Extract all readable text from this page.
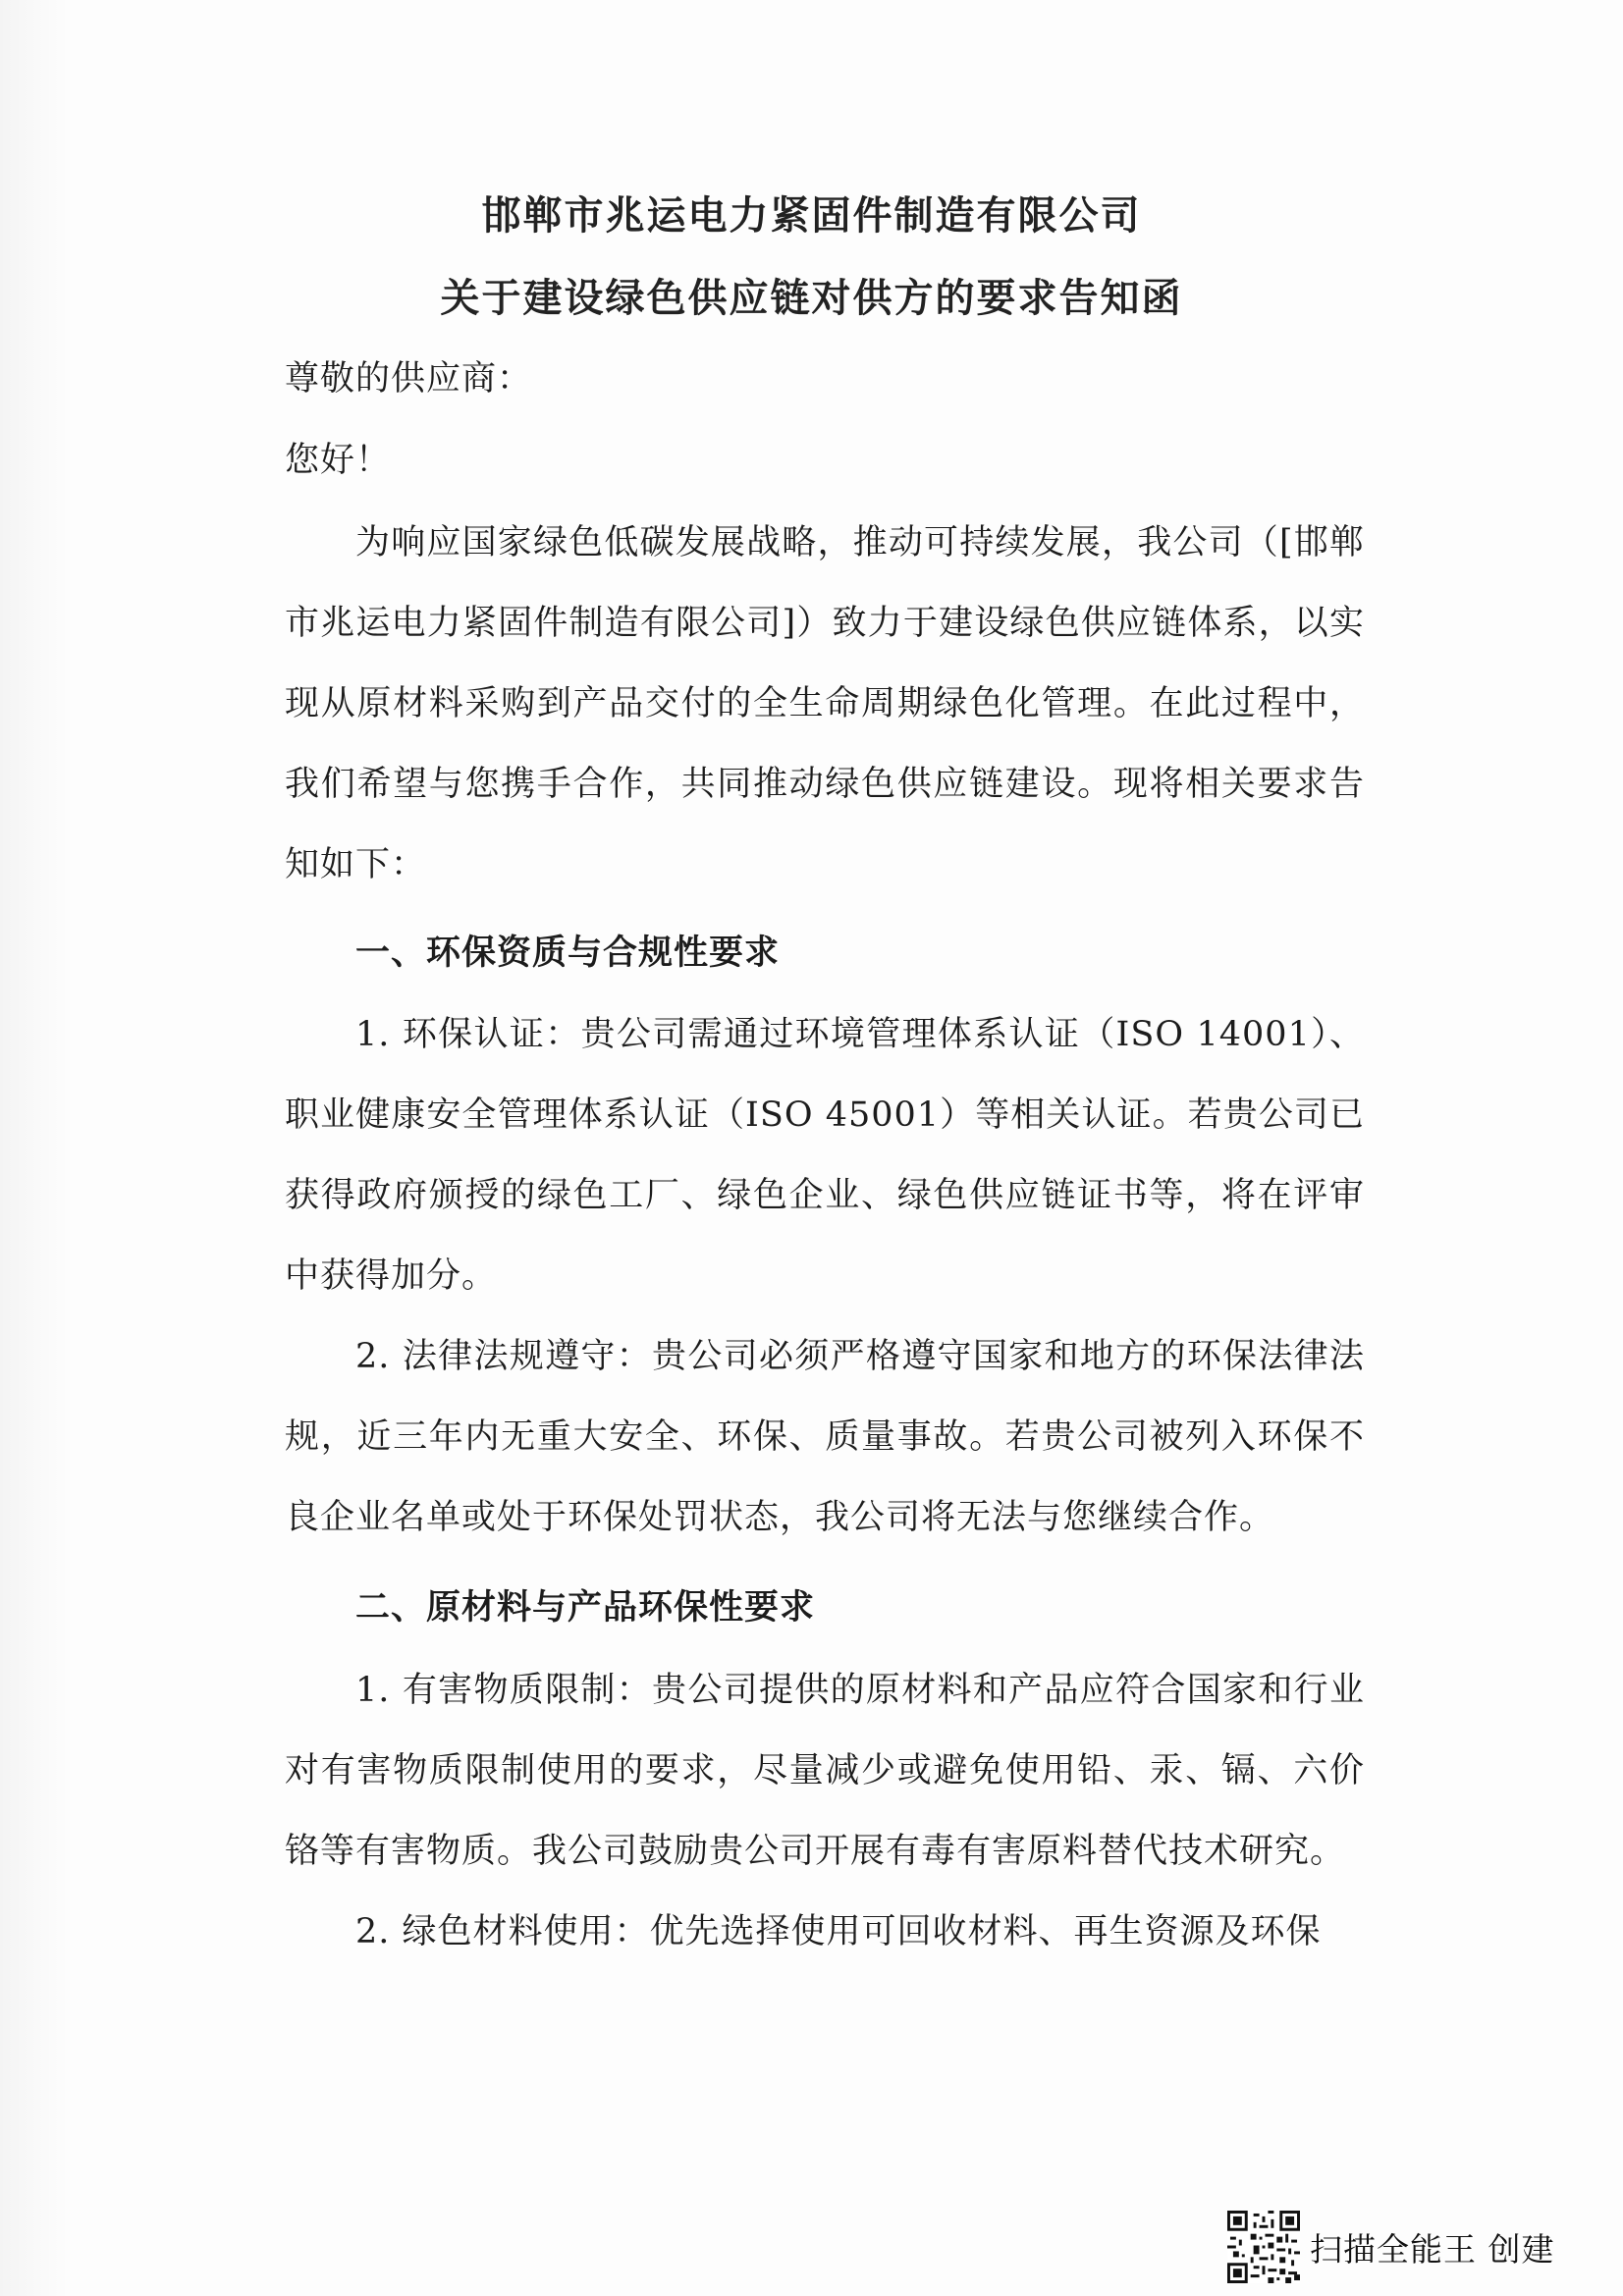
邯郸市兆运电力紧固件制造有限公司
关于建设绿色供应链对供方的要求告知函
尊敬的供应商：
您好！
为响应国家绿色低碳发展战略，推动可持续发展，我公司（[邯郸市兆运电力紧固件制造有限公司]）致力于建设绿色供应链体系，以实现从原材料采购到产品交付的全生命周期绿色化管理。在此过程中，我们希望与您携手合作，共同推动绿色供应链建设。现将相关要求告知如下：
一、环保资质与合规性要求
1. 环保认证：贵公司需通过环境管理体系认证（ISO 14001）、职业健康安全管理体系认证（ISO 45001）等相关认证。若贵公司已获得政府颁授的绿色工厂、绿色企业、绿色供应链证书等，将在评审中获得加分。
2. 法律法规遵守：贵公司必须严格遵守国家和地方的环保法律法规，近三年内无重大安全、环保、质量事故。若贵公司被列入环保不良企业名单或处于环保处罚状态，我公司将无法与您继续合作。
二、原材料与产品环保性要求
1. 有害物质限制：贵公司提供的原材料和产品应符合国家和行业对有害物质限制使用的要求，尽量减少或避免使用铅、汞、镉、六价铬等有害物质。我公司鼓励贵公司开展有毒有害原料替代技术研究。
2. 绿色材料使用：优先选择使用可回收材料、再生资源及环保
扫描全能王 创建
